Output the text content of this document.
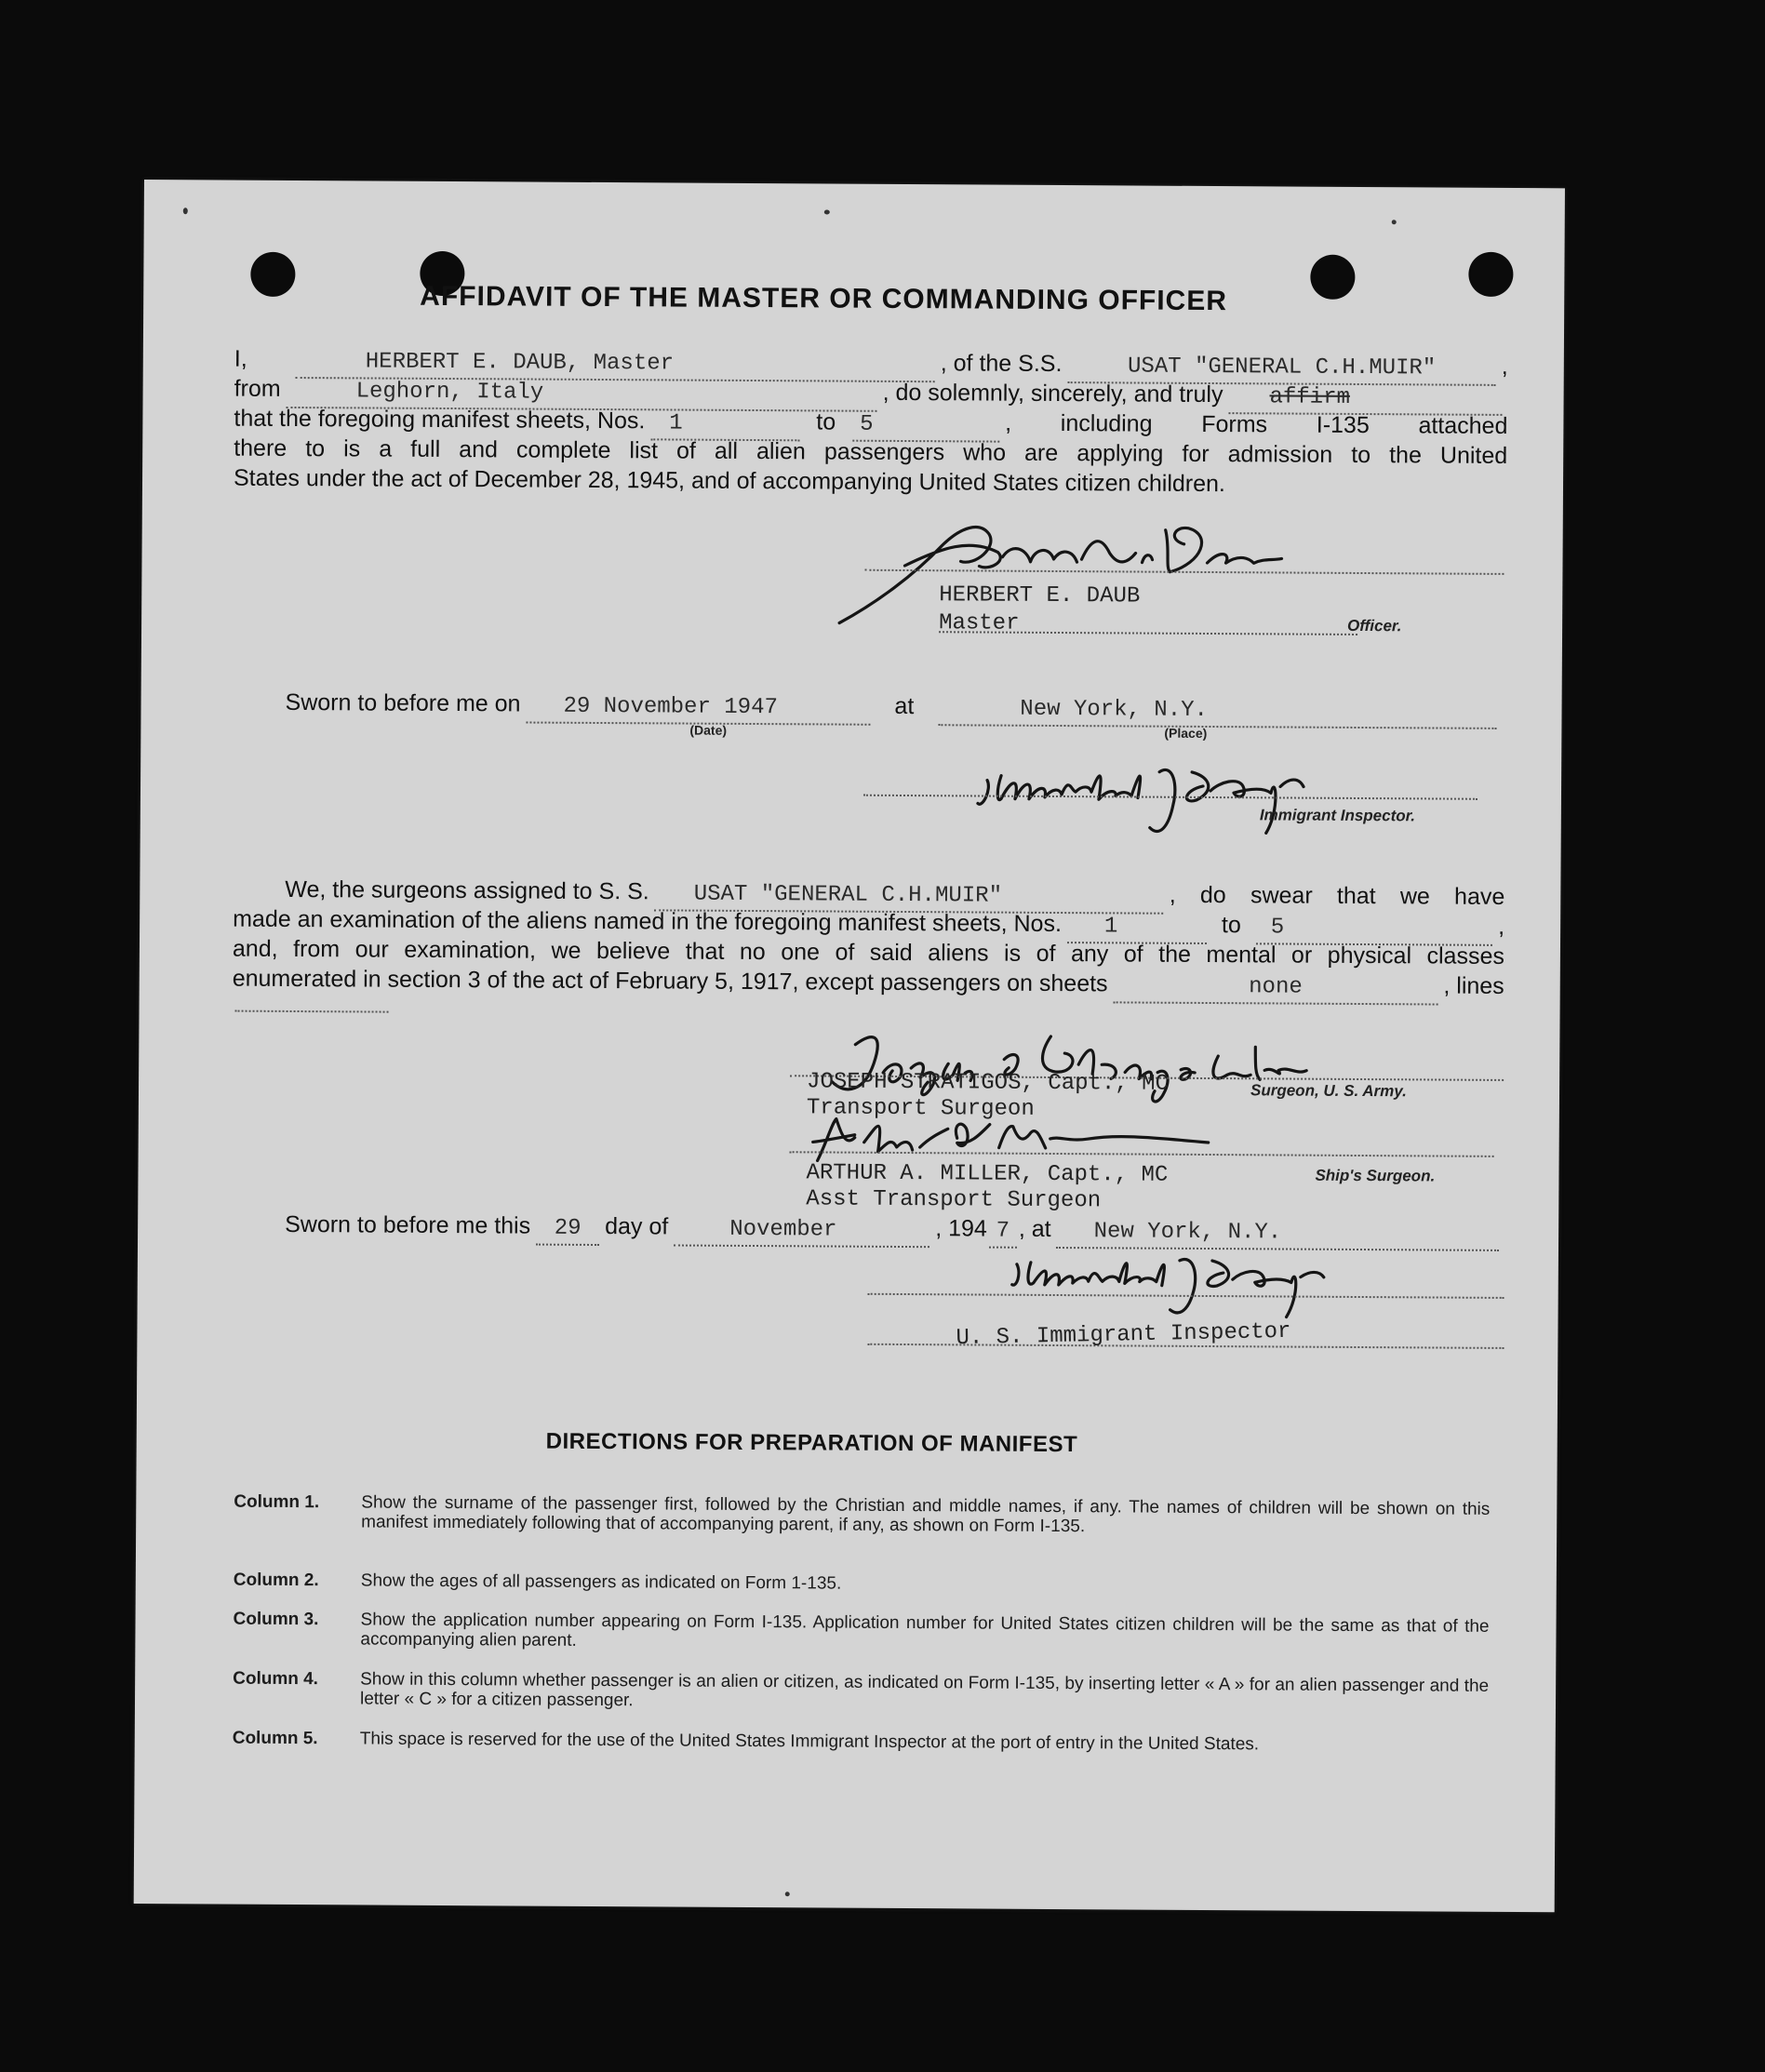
AFFIDAVIT OF THE MASTER OR COMMANDING OFFICER
I,	HERBERT E. DAUB, Master	, of the S.S.	USAT "GENERAL C.H.MUIR"	,
from	Leghorn, Italy	, do solemnly, sincerely, and truly	affirm
that the foregoing manifest sheets, Nos.	1	to	5	, including Forms I-135 attached
there to is a full and complete list of all alien passengers who are applying for admission to the United
States under the act of December 28, 1945, and of accompanying United States citizen children.
HERBERT E. DAUB
Master	Officer.
Sworn to before me on	29 November 1947	at	New York, N.Y.
(Date)	(Place)
Immigrant Inspector.
We, the surgeons assigned to S. S.	USAT "GENERAL C.H.MUIR"	, do swear that we have
made an examination of the aliens named in the foregoing manifest sheets, Nos.	1	to	5	,
and, from our examination, we believe that no one of said aliens is of any of the mental or physical classes
enumerated in section 3 of the act of February 5, 1917, except passengers on sheets	none	, lines
JOSEPH STRATIGOS, Capt., MC
Transport Surgeon
Surgeon, U. S. Army.
ARTHUR A. MILLER, Capt., MC
Asst Transport Surgeon
Ship's Surgeon.
Sworn to before me this	29	day of	November	, 194 7 , at	New York, N.Y.
U. S. Immigrant Inspector
DIRECTIONS FOR PREPARATION OF MANIFEST
Column 1.	Show the surname of the passenger first, followed by the Christian and middle names, if any. The names of children will be shown on this manifest immediately following that of accompanying parent, if any, as shown on Form I-135.
Column 2.	Show the ages of all passengers as indicated on Form 1-135.
Column 3.	Show the application number appearing on Form I-135. Application number for United States citizen children will be the same as that of the accompanying alien parent.
Column 4.	Show in this column whether passenger is an alien or citizen, as indicated on Form I-135, by inserting letter « A » for an alien passenger and the letter « C » for a citizen passenger.
Column 5.	This space is reserved for the use of the United States Immigrant Inspector at the port of entry in the United States.
